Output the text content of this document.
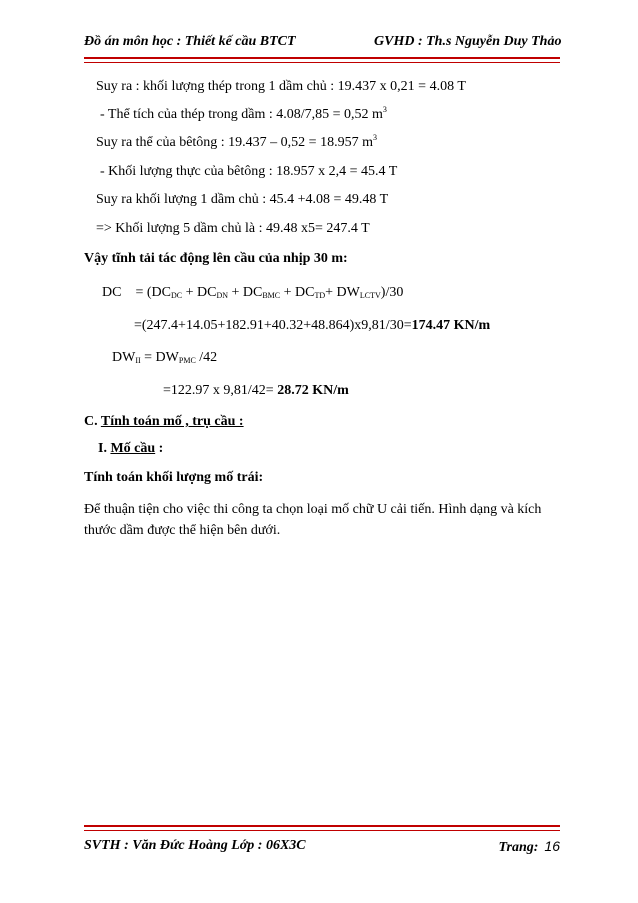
Đồ án môn học : Thiết kế cầu BTCT	GVHD : Th.s Nguyễn Duy Thảo
Suy ra : khối lượng thép trong 1 dầm chủ : 19.437 x 0,21 = 4.08 T
- Thể tích của thép trong dầm : 4.08/7,85 = 0,52 $m^3$
Suy ra thể của bêtông : 19.437 – 0,52 = 18.957 $m^3$
- Khối lượng thực của bêtông : 18.957 x 2,4 = 45.4 T
Suy ra khối lượng 1 dầm chủ : 45.4 +4.08 = 49.48 T
=> Khối lượng 5 dầm chủ là : 49.48 x5= 247.4 T
Vậy tĩnh tải tác động lên cầu của nhịp 30 m:
DC    = $(DC_{DC} + DC_{DN} + DC_{BMC} + DC_{TD}+ DW_{LCTV})/30$
=(247.4+14.05+182.91+40.32+48.864)x9,81/30=174.47 KN/m
$DW_{II} = DW_{PMC}$ /42
=122.97 x 9,81/42= 28.72 KN/m
C. Tính toán mố , trụ cầu :
I. Mố cầu :
Tính toán khối lượng mố trái:
Để thuận tiện cho việc thi công ta chọn loại mố chữ U cải tiến. Hình dạng và kích thước dầm được thể hiện bên dưới.
SVTH : Văn Đức Hoàng Lớp : 06X3C	Trang: 16
